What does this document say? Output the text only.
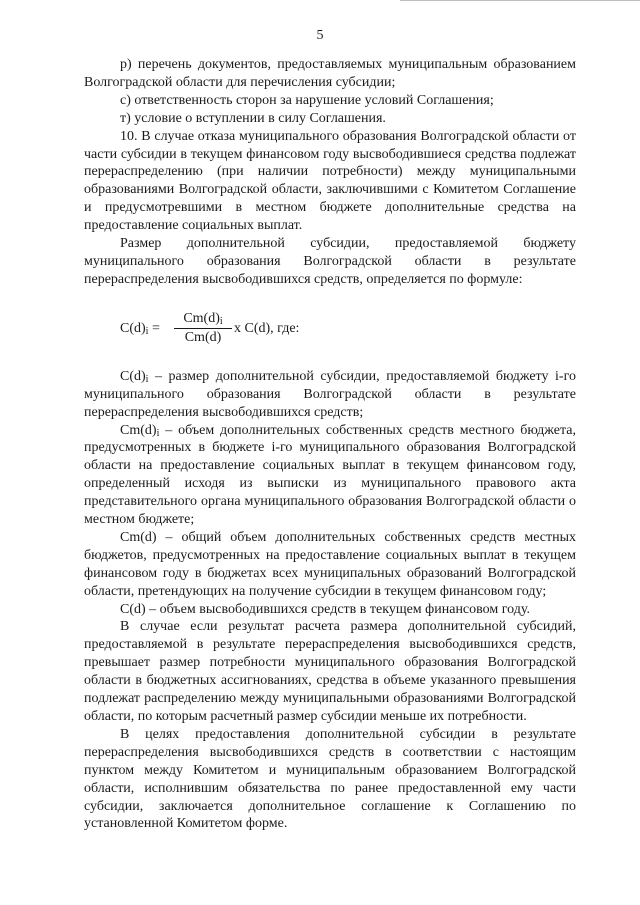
5

р) перечень документов, предоставляемых муниципальным образованием Волгоградской области для перечисления субсидии;

с) ответственность сторон за нарушение условий Соглашения;

т) условие о вступлении в силу Соглашения.

10. В случае отказа муниципального образования Волгоградской области от части субсидии в текущем финансовом году высвободившиеся средства подлежат перераспределению (при наличии потребности) между муниципальными образованиями Волгоградской области, заключившими с Комитетом Соглашение и предусмотревшими в местном бюджете дополнительные средства на предоставление социальных выплат.

Размер дополнительной субсидии, предоставляемой бюджету муниципального образования Волгоградской области в результате перераспределения высвободившихся средств, определяется по формуле:

$C(d)_i$ =
$Cm(d)_i$
Cm(d)
x C(d), где:

$C(d)_i$ – размер дополнительной субсидии, предоставляемой бюджету i-го муниципального образования Волгоградской области в результате перераспределения высвободившихся средств;

$Cm(d)_i$ – объем дополнительных собственных средств местного бюджета, предусмотренных в бюджете i-го муниципального образования Волгоградской области на предоставление социальных выплат в текущем финансовом году, определенный исходя из выписки из муниципального правового акта представительного органа муниципального образования Волгоградской области о местном бюджете;

Cm(d) – общий объем дополнительных собственных средств местных бюджетов, предусмотренных на предоставление социальных выплат в текущем финансовом году в бюджетах всех муниципальных образований Волгоградской области, претендующих на получение субсидии в текущем финансовом году;

C(d) – объем высвободившихся средств в текущем финансовом году.

В случае если результат расчета размера дополнительной субсидий, предоставляемой в результате перераспределения высвободившихся средств, превышает размер потребности муниципального образования Волгоградской области в бюджетных ассигнованиях, средства в объеме указанного превышения подлежат распределению между муниципальными образованиями Волгоградской области, по которым расчетный размер субсидии меньше их потребности.

В целях предоставления дополнительной субсидии в результате перераспределения высвободившихся средств в соответствии с настоящим пунктом между Комитетом и муниципальным образованием Волгоградской области, исполнившим обязательства по ранее предоставленной ему части субсидии, заключается дополнительное соглашение к Соглашению по установленной Комитетом форме.
